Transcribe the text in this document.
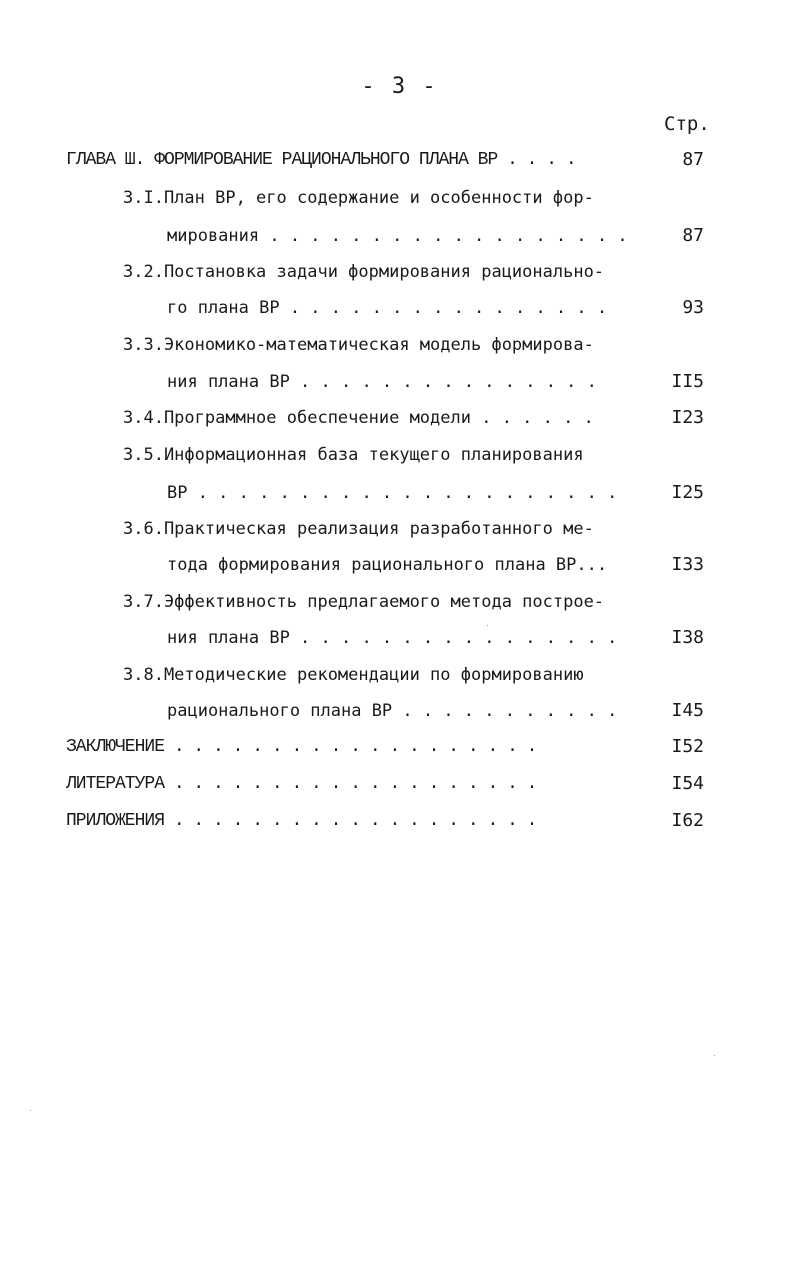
- 3 -
Стр.
ГЛАВА Ш. ФОРМИРОВАНИЕ РАЦИОНАЛЬНОГО ПЛАНА ВР . . . .	87
3.I.План ВР, его содержание и особенности фор-
мирования . . . . . . . . . . . . . . . . . .	87
3.2.Постановка задачи формирования рационально-
го плана ВР . . . . . . . . . . . . . . . .	93
3.3.Экономико-математическая модель формирова-
ния плана ВР . . . . . . . . . . . . . . .	II5
3.4.Программное обеспечение модели . . . . . .	I23
3.5.Информационная база текущего планирования
ВР . . . . . . . . . . . . . . . . . . . . .	I25
3.6.Практическая реализация разработанного ме-
тода формирования рационального плана ВР...	I33
3.7.Эффективность предлагаемого метода построе-
ния плана ВР . . . . . . . . . . . . . . . .	I38
3.8.Методические рекомендации по формированию
рационального плана ВР . . . . . . . . . . .	I45
ЗАКЛЮЧЕНИЕ . . . . . . . . . . . . . . . . . . .	I52
ЛИТЕРАТУРА . . . . . . . . . . . . . . . . . . .	I54
ПРИЛОЖЕНИЯ . . . . . . . . . . . . . . . . . . .	I62
